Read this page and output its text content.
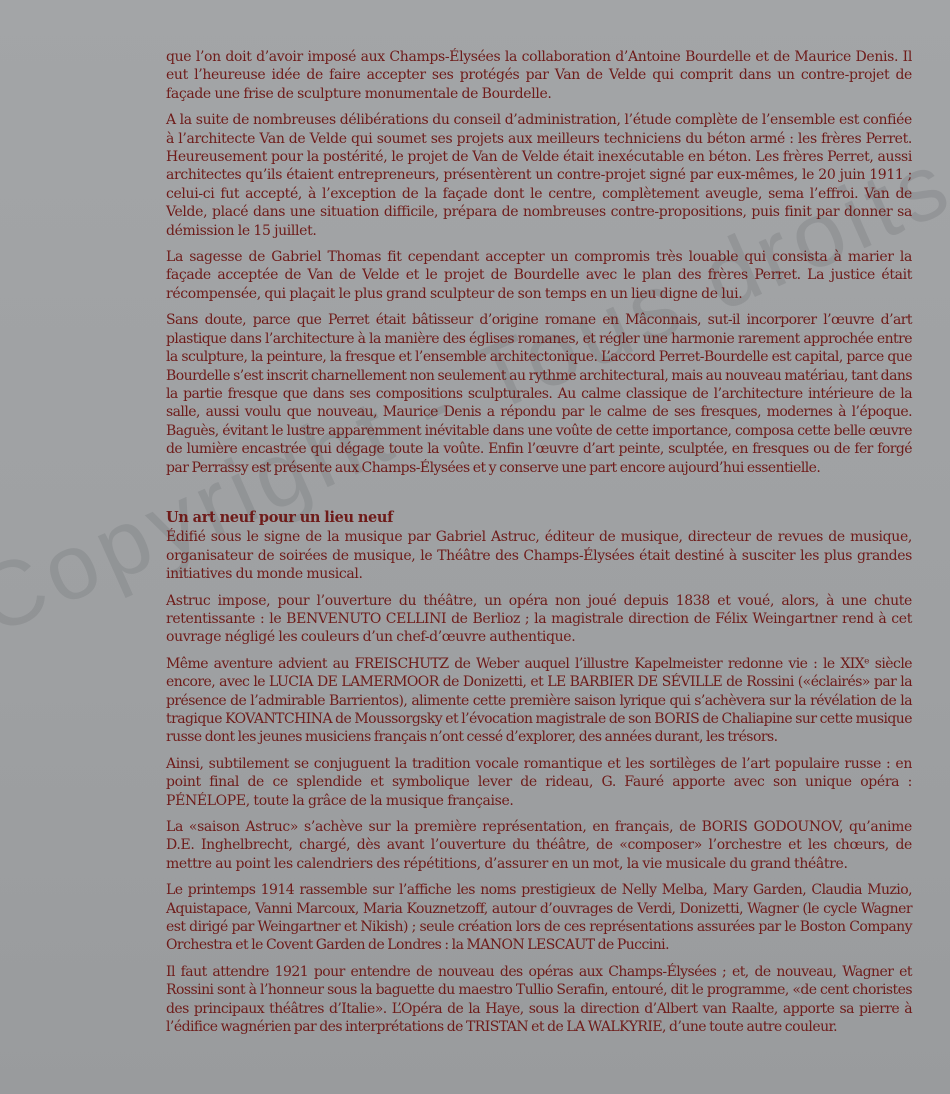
que l’on doit d’avoir imposé aux Champs-Élysées la collaboration d’Antoine Bourdelle et de Maurice Denis. Il eut l’heureuse idée de faire accepter ses protégés par Van de Velde qui comprit dans un contre-projet de façade une frise de sculpture monumentale de Bourdelle.

A la suite de nombreuses délibérations du conseil d’administration, l’étude complète de l’ensemble est confiée à l’architecte Van de Velde qui soumet ses projets aux meilleurs techniciens du béton armé : les frères Perret. Heureusement pour la postérité, le projet de Van de Velde était inexécutable en béton. Les frères Perret, aussi architectes qu’ils étaient entrepreneurs, présentèrent un contre-projet signé par eux-mêmes, le 20 juin 1911 ; celui-ci fut accepté, à l’exception de la façade dont le centre, complètement aveugle, sema l’effroi. Van de Velde, placé dans une situation difficile, prépara de nombreuses contre-propositions, puis finit par donner sa démission le 15 juillet.

La sagesse de Gabriel Thomas fit cependant accepter un compromis très louable qui consista à marier la façade acceptée de Van de Velde et le projet de Bourdelle avec le plan des frères Perret. La justice était récompensée, qui plaçait le plus grand sculpteur de son temps en un lieu digne de lui.

Sans doute, parce que Perret était bâtisseur d’origine romane en Mâconnais, sut-il incorporer l’œuvre d’art plastique dans l’architecture à la manière des églises romanes, et régler une harmonie rarement approchée entre la sculpture, la peinture, la fresque et l’ensemble architectonique. L’accord Perret-Bourdelle est capital, parce que Bourdelle s’est inscrit charnellement non seulement au rythme architectural, mais au nouveau matériau, tant dans la partie fresque que dans ses compositions sculpturales. Au calme classique de l’architecture intérieure de la salle, aussi voulu que nouveau, Maurice Denis a répondu par le calme de ses fresques, modernes à l’époque. Baguès, évitant le lustre apparemment inévitable dans une voûte de cette importance, composa cette belle œuvre de lumière encastrée qui dégage toute la voûte. Enfin l’œuvre d’art peinte, sculptée, en fresques ou de fer forgé par Perrassy est présente aux Champs-Élysées et y conserve une part encore aujourd’hui essentielle.

Un art neuf pour un lieu neuf

Édifié sous le signe de la musique par Gabriel Astruc, éditeur de musique, directeur de revues de musique, organisateur de soirées de musique, le Théâtre des Champs-Élysées était destiné à susciter les plus grandes initiatives du monde musical.

Astruc impose, pour l’ouverture du théâtre, un opéra non joué depuis 1838 et voué, alors, à une chute retentissante : le BENVENUTO CELLINI de Berlioz ; la magistrale direction de Félix Weingartner rend à cet ouvrage négligé les couleurs d’un chef-d’œuvre authentique.

Même aventure advient au FREISCHUTZ de Weber auquel l’illustre Kapelmeister redonne vie : le XIXᵉ siècle encore, avec le LUCIA DE LAMERMOOR de Donizetti, et LE BARBIER DE SÉVILLE de Rossini («éclairés» par la présence de l’admirable Barrientos), alimente cette première saison lyrique qui s’achèvera sur la révélation de la tragique KOVANTCHINA de Moussorgsky et l’évocation magistrale de son BORIS de Chaliapine sur cette musique russe dont les jeunes musiciens français n’ont cessé d’explorer, des années durant, les trésors.

Ainsi, subtilement se conjuguent la tradition vocale romantique et les sortilèges de l’art populaire russe : en point final de ce splendide et symbolique lever de rideau, G. Fauré apporte avec son unique opéra : PÉNÉLOPE, toute la grâce de la musique française.

La «saison Astruc» s’achève sur la première représentation, en français, de BORIS GODOUNOV, qu’anime D.E. Inghelbrecht, chargé, dès avant l’ouverture du théâtre, de «composer» l’orchestre et les chœurs, de mettre au point les calendriers des répétitions, d’assurer en un mot, la vie musicale du grand théâtre.

Le printemps 1914 rassemble sur l’affiche les noms prestigieux de Nelly Melba, Mary Garden, Claudia Muzio, Aquistapace, Vanni Marcoux, Maria Kouznetzoff, autour d’ouvrages de Verdi, Donizetti, Wagner (le cycle Wagner est dirigé par Weingartner et Nikish) ; seule création lors de ces représentations assurées par le Boston Company Orchestra et le Covent Garden de Londres : la MANON LESCAUT de Puccini.

Il faut attendre 1921 pour entendre de nouveau des opéras aux Champs-Élysées ; et, de nouveau, Wagner et Rossini sont à l’honneur sous la baguette du maestro Tullio Serafin, entouré, dit le programme, «de cent choristes des principaux théâtres d’Italie». L’Opéra de la Haye, sous la direction d’Albert van Raalte, apporte sa pierre à l’édifice wagnérien par des interprétations de TRISTAN et de LA WALKYRIE, d’une toute autre couleur.
